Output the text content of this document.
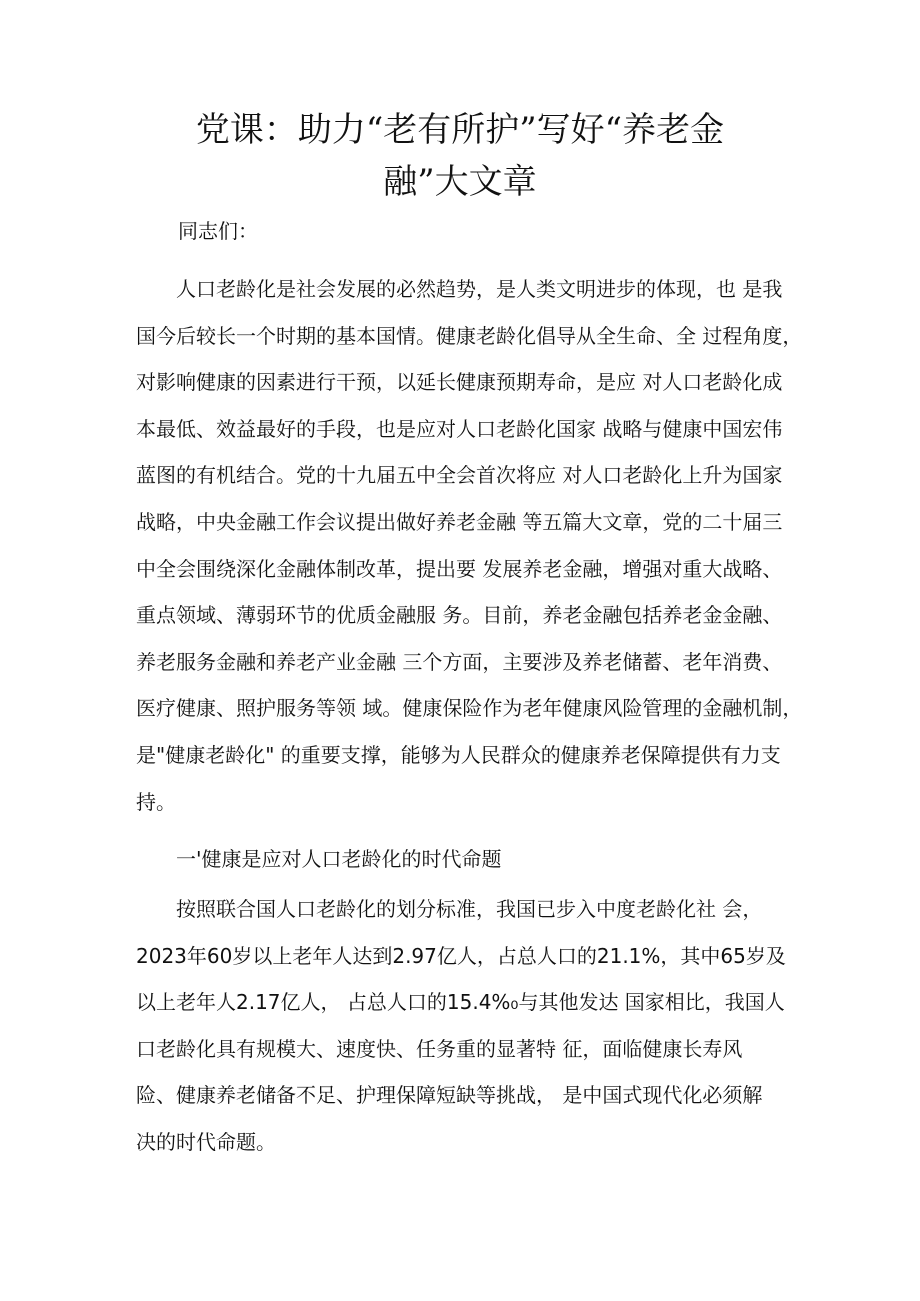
党课：助力“老有所护”写好“养老金
融”大文章

同志们：

人口老龄化是社会发展的必然趋势，是人类文明进步的体现，也 是我
国今后较长一个时期的基本国情。健康老龄化倡导从全生命、全 过程角度，
对影响健康的因素进行干预，以延长健康预期寿命，是应 对人口老龄化成
本最低、效益最好的手段，也是应对人口老龄化国家 战略与健康中国宏伟
蓝图的有机结合。党的十九届五中全会首次将应 对人口老龄化上升为国家
战略，中央金融工作会议提出做好养老金融 等五篇大文章，党的二十届三
中全会围绕深化金融体制改革，提出要 发展养老金融，增强对重大战略、
重点领域、薄弱环节的优质金融服 务。目前，养老金融包括养老金金融、
养老服务金融和养老产业金融 三个方面，主要涉及养老储蓄、老年消费、
医疗健康、照护服务等领 域。健康保险作为老年健康风险管理的金融机制，
是"健康老龄化" 的重要支撑，能够为人民群众的健康养老保障提供有力支
持。

一'健康是应对人口老龄化的时代命题

按照联合国人口老龄化的划分标准，我国已步入中度老龄化社 会，
2023年60岁以上老年人达到2.97亿人，占总人口的21.1%，其中65岁及
以上老年人2.17亿人， 占总人口的15.4%₀与其他发达 国家相比，我国人
口老龄化具有规模大、速度快、任务重的显著特 征，面临健康长寿风
险、健康养老储备不足、护理保障短缺等挑战， 是中国式现代化必须解
决的时代命题。
